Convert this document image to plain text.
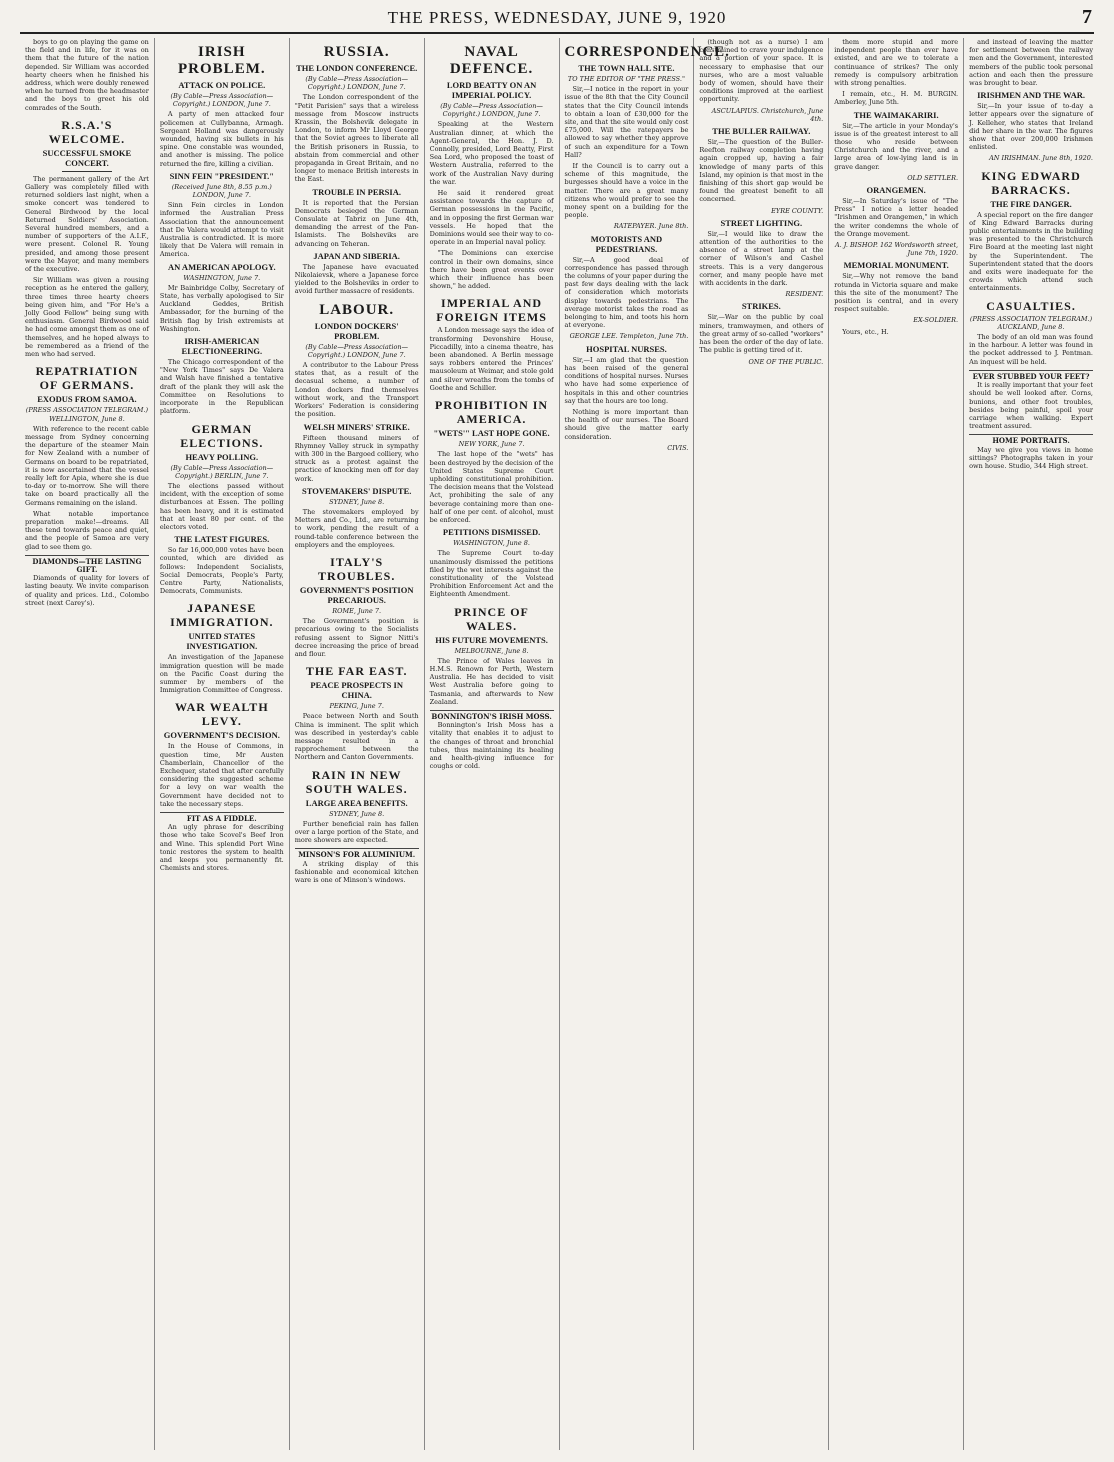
THE PRESS, WEDNESDAY, JUNE 9, 1920	7

boys to go on playing the game on the field and in life, for it was on them that the future of the nation depended. Sir William was accorded hearty cheers when he finished his address, which were doubly renewed when he turned from the headmaster and the boys to greet his old comrades of the South.

R.S.A.'S WELCOME.
SUCCESSFUL SMOKE CONCERT.

The permanent gallery of the Art Gallery was completely filled with returned soldiers last night, when a smoke concert was tendered to General Birdwood by the local Returned Soldiers' Association. Several hundred members, and a number of supporters of the A.I.F., were present. Colonel R. Young presided, and among those present were the Mayor, and many members of the executive.

Sir William was given a rousing reception as he entered the gallery, three times three hearty cheers being given him, and "For He's a Jolly Good Fellow" being sung with enthusiasm. General Birdwood said he had come amongst them as one of themselves, and he hoped always to be remembered as a friend of the men who had served.

REPATRIATION OF GERMANS.
EXODUS FROM SAMOA.
(PRESS ASSOCIATION TELEGRAM.) WELLINGTON, June 8.

With reference to the recent cable message from Sydney concerning the departure of the steamer Main for New Zealand with a number of Germans on board to be repatriated, it is now ascertained that the vessel really left for Apia, where she is due to-day or to-morrow. She will there take on board practically all the Germans remaining on the island.

What notable importance preparation make!—dreams. All these tend towards peace and quiet, and the people of Samoa are very glad to see them go.

DIAMONDS—THE LASTING GIFT.

Diamonds of quality for lovers of lasting beauty. We invite comparison of quality and prices. Ltd., Colombo street (next Carey's).

IRISH PROBLEM.
ATTACK ON POLICE.
(By Cable—Press Association—Copyright.) LONDON, June 7.

A party of men attacked four policemen at Cullybanna, Armagh. Sergeant Holland was dangerously wounded, having six bullets in his spine. One constable was wounded, and another is missing. The police returned the fire, killing a civilian.

SINN FEIN "PRESIDENT."
(Received June 8th, 8.55 p.m.) LONDON, June 7.

Sinn Fein circles in London informed the Australian Press Association that the announcement that De Valera would attempt to visit Australia is contradicted. It is more likely that De Valera will remain in America.

AN AMERICAN APOLOGY.
WASHINGTON, June 7.

Mr Bainbridge Colby, Secretary of State, has verbally apologised to Sir Auckland Geddes, British Ambassador, for the burning of the British flag by Irish extremists at Washington.

IRISH-AMERICAN ELECTIONEERING.

The Chicago correspondent of the "New York Times" says De Valera and Walsh have finished a tentative draft of the plank they will ask the Committee on Resolutions to incorporate in the Republican platform.

GERMAN ELECTIONS.
HEAVY POLLING.
(By Cable—Press Association—Copyright.) BERLIN, June 7.

The elections passed without incident, with the exception of some disturbances at Essen. The polling has been heavy, and it is estimated that at least 80 per cent. of the electors voted.

THE LATEST FIGURES.

So far 16,000,000 votes have been counted, which are divided as follows: Independent Socialists, Social Democrats, People's Party, Centre Party, Nationalists, Democrats, Communists.

JAPANESE IMMIGRATION.
UNITED STATES INVESTIGATION.

An investigation of the Japanese immigration question will be made on the Pacific Coast during the summer by members of the Immigration Committee of Congress.

WAR WEALTH LEVY.
GOVERNMENT'S DECISION.

In the House of Commons, in question time, Mr Austen Chamberlain, Chancellor of the Exchequer, stated that after carefully considering the suggested scheme for a levy on war wealth the Government have decided not to take the necessary steps.

FIT AS A FIDDLE.

An ugly phrase for describing those who take Scovel's Beef Iron and Wine. This splendid Port Wine tonic restores the system to health and keeps you permanently fit. Chemists and stores.

RUSSIA.
THE LONDON CONFERENCE.
(By Cable—Press Association—Copyright.) LONDON, June 7.

The London correspondent of the "Petit Parisien" says that a wireless message from Moscow instructs Krassin, the Bolshevik delegate in London, to inform Mr Lloyd George that the Soviet agrees to liberate all the British prisoners in Russia, to abstain from commercial and other propaganda in Great Britain, and no longer to menace British interests in the East.

TROUBLE IN PERSIA.

It is reported that the Persian Democrats besieged the German Consulate at Tabriz on June 4th, demanding the arrest of the Pan-Islamists. The Bolsheviks are advancing on Teheran.

JAPAN AND SIBERIA.

The Japanese have evacuated Nikolaievsk, where a Japanese force yielded to the Bolsheviks in order to avoid further massacre of residents.

LABOUR.
LONDON DOCKERS' PROBLEM.
(By Cable—Press Association—Copyright.) LONDON, June 7.

A contributor to the Labour Press states that, as a result of the decasual scheme, a number of London dockers find themselves without work, and the Transport Workers' Federation is considering the position.

WELSH MINERS' STRIKE.

Fifteen thousand miners of Rhymney Valley struck in sympathy with 300 in the Bargoed colliery, who struck as a protest against the practice of knocking men off for day work.

STOVEMAKERS' DISPUTE.
SYDNEY, June 8.

The stovemakers employed by Metters and Co., Ltd., are returning to work, pending the result of a round-table conference between the employers and the employees.

ITALY'S TROUBLES.
GOVERNMENT'S POSITION PRECARIOUS.
ROME, June 7.

The Government's position is precarious owing to the Socialists refusing assent to Signor Nitti's decree increasing the price of bread and flour.

THE FAR EAST.
PEACE PROSPECTS IN CHINA.
PEKING, June 7.

Peace between North and South China is imminent. The split which was described in yesterday's cable message resulted in a rapprochement between the Northern and Canton Governments.

RAIN IN NEW SOUTH WALES.
LARGE AREA BENEFITS.
SYDNEY, June 8.

Further beneficial rain has fallen over a large portion of the State, and more showers are expected.

MINSON'S FOR ALUMINIUM.

A striking display of this fashionable and economical kitchen ware is one of Minson's windows.

NAVAL DEFENCE.
LORD BEATTY ON AN IMPERIAL POLICY.
(By Cable—Press Association—Copyright.) LONDON, June 7.

Speaking at the Western Australian dinner, at which the Agent-General, the Hon. J. D. Connolly, presided, Lord Beatty, First Sea Lord, who proposed the toast of Western Australia, referred to the work of the Australian Navy during the war.

He said it rendered great assistance towards the capture of German possessions in the Pacific, and in opposing the first German war vessels. He hoped that the Dominions would see their way to co-operate in an Imperial naval policy.

"The Dominions can exercise control in their own domains, since there have been great events over which their influence has been shown," he added.

IMPERIAL AND FOREIGN ITEMS

A London message says the idea of transforming Devonshire House, Piccadilly, into a cinema theatre, has been abandoned. A Berlin message says robbers entered the Princes' mausoleum at Weimar, and stole gold and silver wreaths from the tombs of Goethe and Schiller.

PROHIBITION IN AMERICA.
"WETS'" LAST HOPE GONE.
NEW YORK, June 7.

The last hope of the "wets" has been destroyed by the decision of the United States Supreme Court upholding constitutional prohibition. The decision means that the Volstead Act, prohibiting the sale of any beverage containing more than one-half of one per cent. of alcohol, must be enforced.

PETITIONS DISMISSED.
WASHINGTON, June 8.

The Supreme Court to-day unanimously dismissed the petitions filed by the wet interests against the constitutionality of the Volstead Prohibition Enforcement Act and the Eighteenth Amendment.

PRINCE OF WALES.
HIS FUTURE MOVEMENTS.
MELBOURNE, June 8.

The Prince of Wales leaves in H.M.S. Renown for Perth, Western Australia. He has decided to visit West Australia before going to Tasmania, and afterwards to New Zealand.

BONNINGTON'S IRISH MOSS.

Bonnington's Irish Moss has a vitality that enables it to adjust to the changes of throat and bronchial tubes, thus maintaining its healing and health-giving influence for coughs or cold.

CORRESPONDENCE.
THE TOWN HALL SITE.
TO THE EDITOR OF "THE PRESS."

Sir,—I notice in the report in your issue of the 8th that the City Council states that the City Council intends to obtain a loan of £30,000 for the site, and that the site would only cost £75,000. Will the ratepayers be allowed to say whether they approve of such an expenditure for a Town Hall?

If the Council is to carry out a scheme of this magnitude, the burgesses should have a voice in the matter. There are a great many citizens who would prefer to see the money spent on a building for the people.

RATEPAYER. June 8th.
MOTORISTS AND PEDESTRIANS.

Sir,—A good deal of correspondence has passed through the columns of your paper during the past few days dealing with the lack of consideration which motorists display towards pedestrians. The average motorist takes the road as belonging to him, and toots his horn at everyone.

GEORGE LEE. Templeton, June 7th.
HOSPITAL NURSES.

Sir,—I am glad that the question has been raised of the general conditions of hospital nurses. Nurses who have had some experience of hospitals in this and other countries say that the hours are too long.

Nothing is more important than the health of our nurses. The Board should give the matter early consideration.

CIVIS.

(though not as a nurse) I am constrained to crave your indulgence and a portion of your space. It is necessary to emphasise that our nurses, who are a most valuable body of women, should have their conditions improved at the earliest opportunity.

ASCULAPIUS. Christchurch, June 4th.
THE BULLER RAILWAY.

Sir,—The question of the Buller-Reefton railway completion having again cropped up, having a fair knowledge of many parts of this Island, my opinion is that most in the finishing of this short gap would be found the greatest benefit to all concerned.

EYRE COUNTY.
STREET LIGHTING.

Sir,—I would like to draw the attention of the authorities to the absence of a street lamp at the corner of Wilson's and Cashel streets. This is a very dangerous corner, and many people have met with accidents in the dark.

RESIDENT.
STRIKES.

Sir,—War on the public by coal miners, tramwaymen, and others of the great army of so-called "workers" has been the order of the day of late. The public is getting tired of it.

ONE OF THE PUBLIC.

them more stupid and more independent people than ever have existed, and are we to tolerate a continuance of strikes? The only remedy is compulsory arbitration with strong penalties.

I remain, etc., H. M. BURGIN. Amberley, June 5th.

THE WAIMAKARIRI.

Sir,—The article in your Monday's issue is of the greatest interest to all those who reside between Christchurch and the river, and a large area of low-lying land is in grave danger.

OLD SETTLER.
ORANGEMEN.

Sir,—In Saturday's issue of "The Press" I notice a letter headed "Irishmen and Orangemen," in which the writer condemns the whole of the Orange movement.

A. J. BISHOP. 162 Wordsworth street, June 7th, 1920.
MEMORIAL MONUMENT.

Sir,—Why not remove the band rotunda in Victoria square and make this the site of the monument? The position is central, and in every respect suitable.

EX-SOLDIER.

Yours, etc., H.

and instead of leaving the matter for settlement between the railway men and the Government, interested members of the public took personal action and each then the pressure was brought to bear.

IRISHMEN AND THE WAR.

Sir,—In your issue of to-day a letter appears over the signature of J. Kelleher, who states that Ireland did her share in the war. The figures show that over 200,000 Irishmen enlisted.

AN IRISHMAN. June 8th, 1920.
KING EDWARD BARRACKS.
THE FIRE DANGER.

A special report on the fire danger of King Edward Barracks during public entertainments in the building was presented to the Christchurch Fire Board at the meeting last night by the Superintendent. The Superintendent stated that the doors and exits were inadequate for the crowds which attend such entertainments.

CASUALTIES.
(PRESS ASSOCIATION TELEGRAM.) AUCKLAND, June 8.

The body of an old man was found in the harbour. A letter was found in the pocket addressed to J. Pentman. An inquest will be held.

EVER STUBBED YOUR FEET?

It is really important that your feet should be well looked after. Corns, bunions, and other foot troubles, besides being painful, spoil your carriage when walking. Expert treatment assured.

HOME PORTRAITS.

May we give you views in home sittings? Photographs taken in your own house. Studio, 344 High street.
